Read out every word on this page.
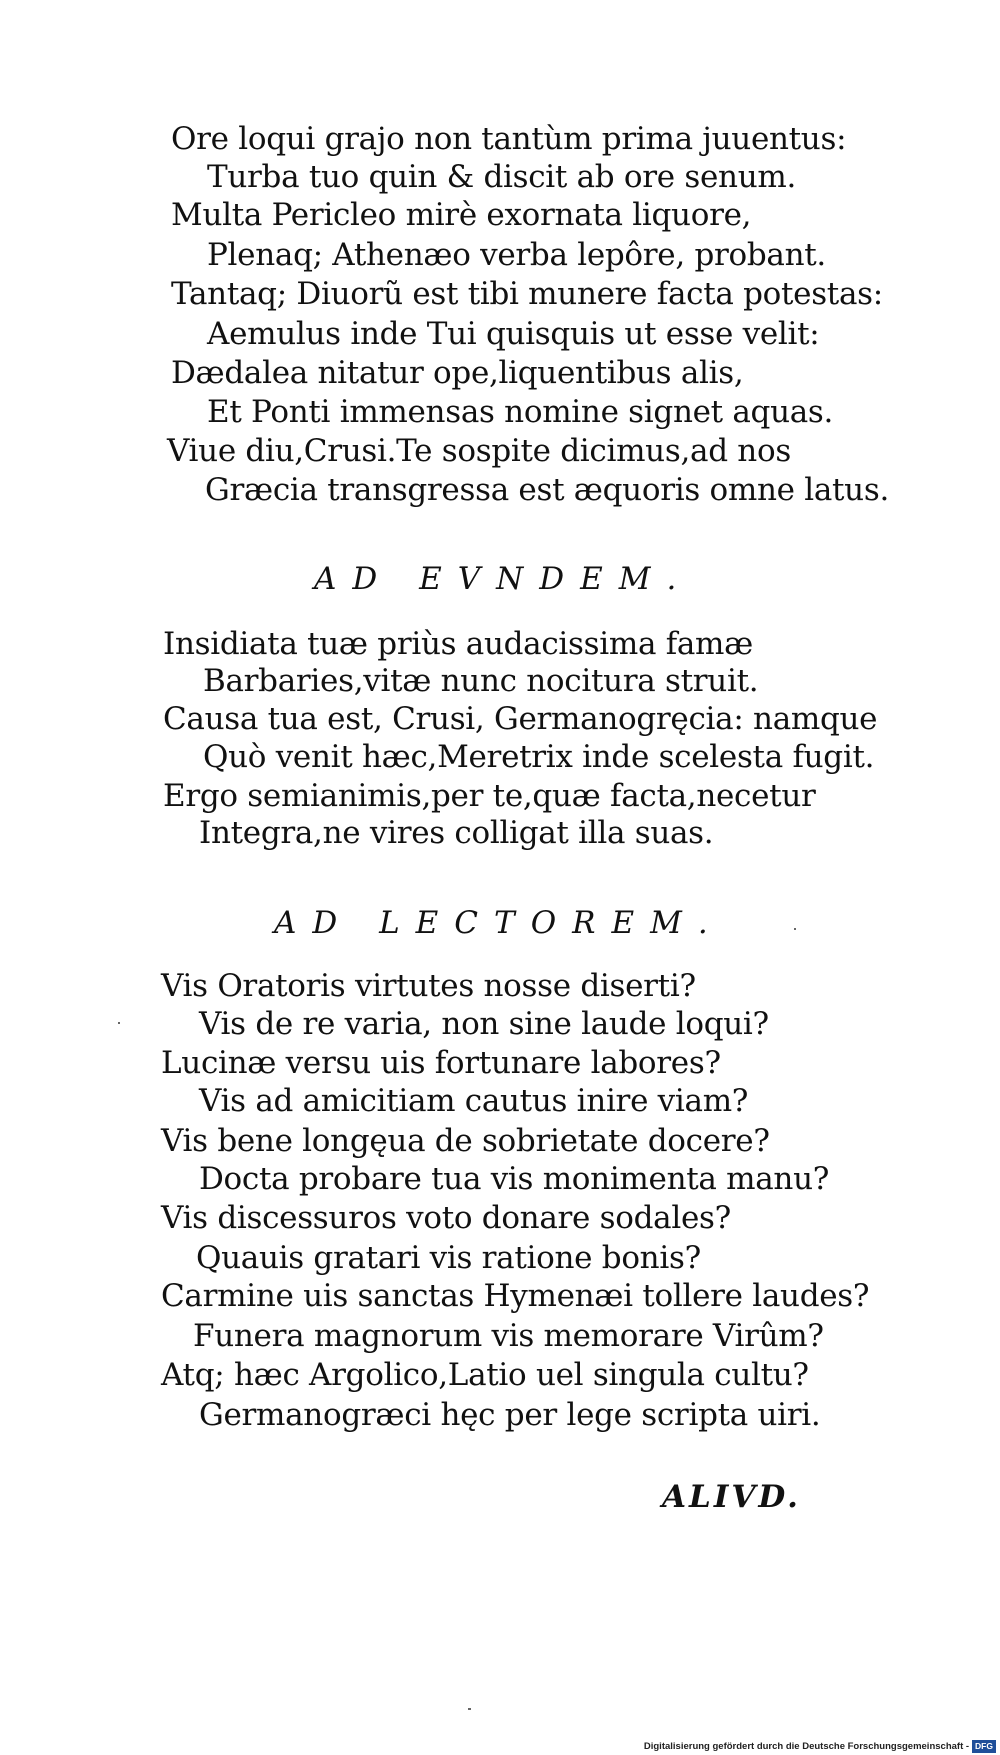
Ore loqui grajo non tantùm prima juuentus:
Turba tuo quin & discit ab ore senum.
Multa Pericleo mirè exornata liquore,
Plenaq; Athenæo verba lepôre, probant.
Tantaq; Diuorũ est tibi munere facta potestas:
Aemulus inde Tui quisquis ut esse velit:
Dædalea nitatur ope,liquentibus alis,
Et Ponti immensas nomine signet aquas.
Viue diu,Crusi.Te sospite dicimus,ad nos
Græcia transgressa est æquoris omne latus.
AD EVNDEM.
Insidiata tuæ priùs audacissima famæ
Barbaries,vitæ nunc nocitura struit.
Causa tua est, Crusi, Germanogręcia: namque
Quò venit hæc,Meretrix inde scelesta fugit.
Ergo semianimis,per te,quæ facta,necetur
Integra,ne vires colligat illa suas.
AD LECTOREM.
Vis Oratoris virtutes nosse diserti?
Vis de re varia, non sine laude loqui?
Lucinæ versu uis fortunare labores?
Vis ad amicitiam cautus inire viam?
Vis bene longęua de sobrietate docere?
Docta probare tua vis monimenta manu?
Vis discessuros voto donare sodales?
Quauis gratari vis ratione bonis?
Carmine uis sanctas Hymenæi tollere laudes?
Funera magnorum vis memorare Virûm?
Atq; hæc Argolico,Latio uel singula cultu?
Germanogræci hęc per lege scripta uiri.
ALIVD.
Digitalisierung gefördert durch die Deutsche Forschungsgemeinschaft - DFG
